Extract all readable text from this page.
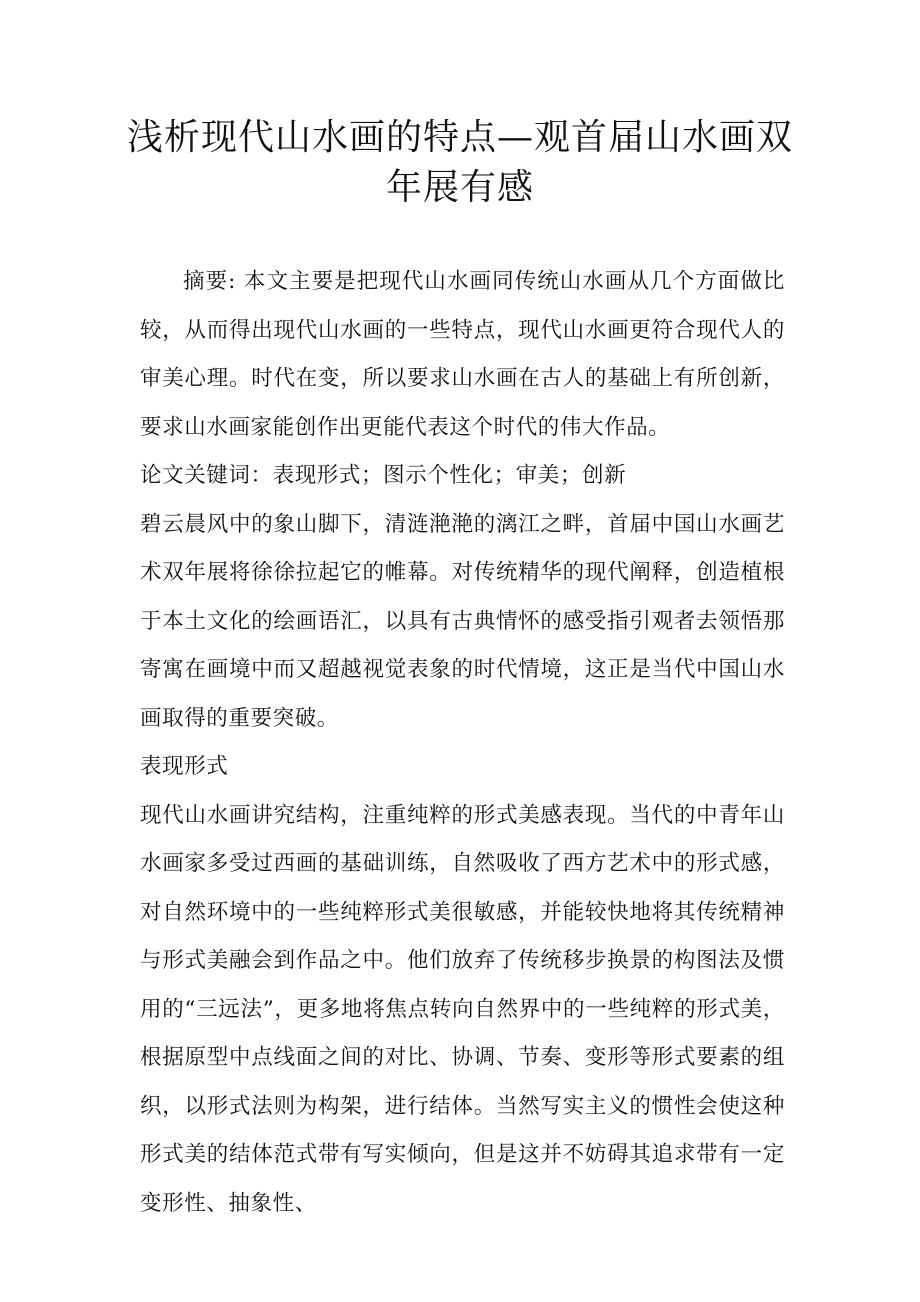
浅析现代山水画的特点—观首届山水画双
年展有感

摘要: 本文主要是把现代山水画同传统山水画从几个方面做比较，从而得出现代山水画的一些特点，现代山水画更符合现代人的审美心理。时代在变，所以要求山水画在古人的基础上有所创新，要求山水画家能创作出更能代表这个时代的伟大作品。

论文关键词：表现形式；图示个性化；审美；创新

碧云晨风中的象山脚下，清涟滟滟的漓江之畔，首届中国山水画艺术双年展将徐徐拉起它的帷幕。对传统精华的现代阐释，创造植根于本土文化的绘画语汇，以具有古典情怀的感受指引观者去领悟那寄寓在画境中而又超越视觉表象的时代情境，这正是当代中国山水画取得的重要突破。

表现形式

现代山水画讲究结构，注重纯粹的形式美感表现。当代的中青年山水画家多受过西画的基础训练，自然吸收了西方艺术中的形式感，对自然环境中的一些纯粹形式美很敏感，并能较快地将其传统精神与形式美融会到作品之中。他们放弃了传统移步换景的构图法及惯用的“三远法”，更多地将焦点转向自然界中的一些纯粹的形式美，根据原型中点线面之间的对比、协调、节奏、变形等形式要素的组织，以形式法则为构架，进行结体。当然写实主义的惯性会使这种形式美的结体范式带有写实倾向，但是这并不妨碍其追求带有一定变形性、抽象性、
